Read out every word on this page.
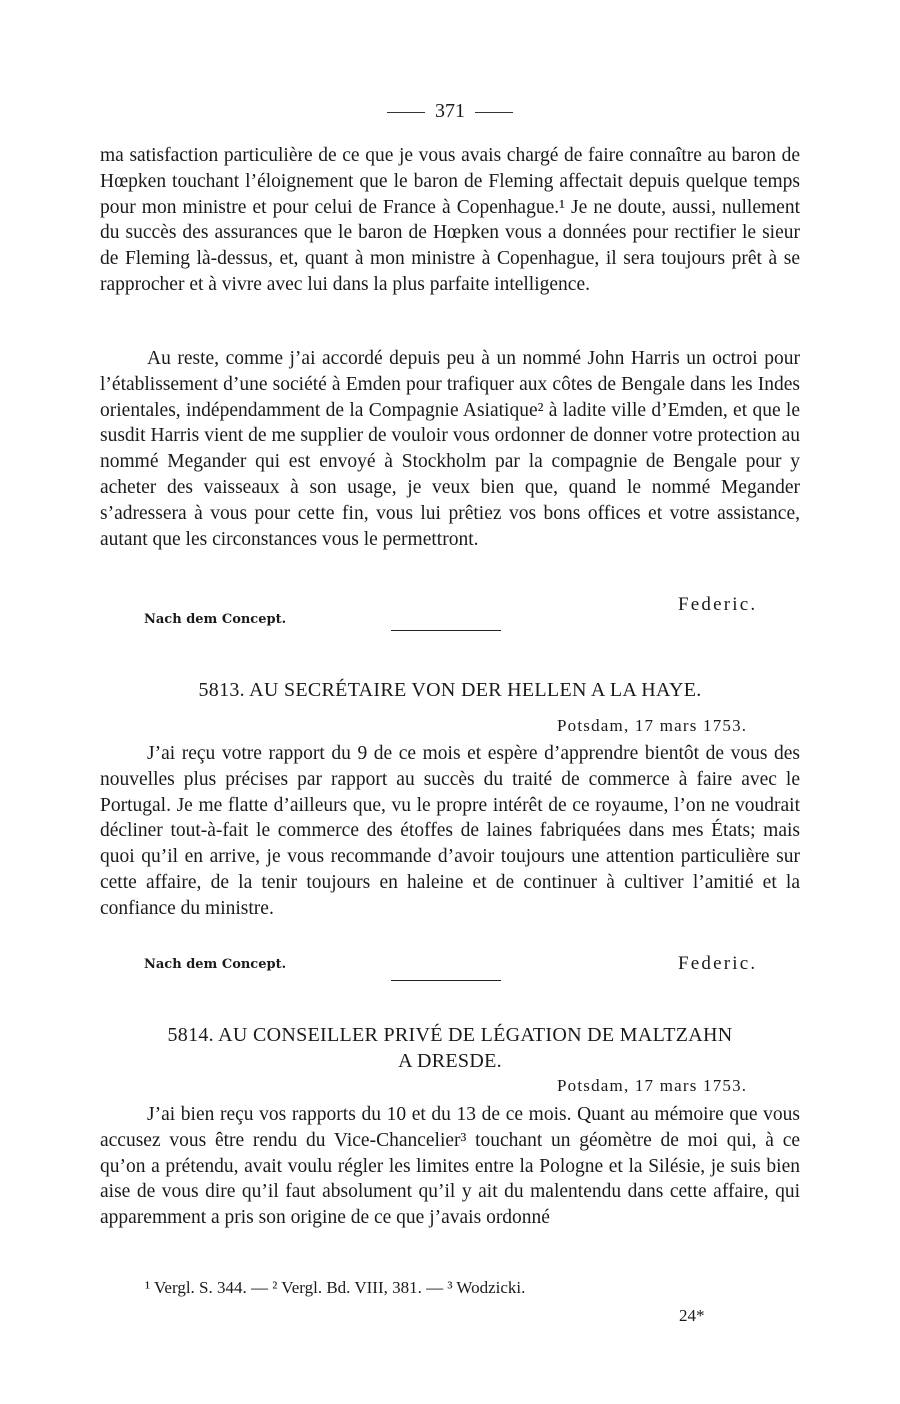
371

ma satisfaction particulière de ce que je vous avais chargé de faire connaître au baron de Hœpken touchant l’éloignement que le baron de Fleming affectait depuis quelque temps pour mon ministre et pour celui de France à Copenhague.¹ Je ne doute, aussi, nullement du succès des assurances que le baron de Hœpken vous a données pour rectifier le sieur de Fleming là-dessus, et, quant à mon ministre à Copenhague, il sera toujours prêt à se rapprocher et à vivre avec lui dans la plus parfaite intelligence.

Au reste, comme j’ai accordé depuis peu à un nommé John Harris un octroi pour l’établissement d’une société à Emden pour trafiquer aux côtes de Bengale dans les Indes orientales, indépendamment de la Compagnie Asiatique² à ladite ville d’Emden, et que le susdit Harris vient de me supplier de vouloir vous ordonner de donner votre protection au nommé Megander qui est envoyé à Stockholm par la compagnie de Bengale pour y acheter des vaisseaux à son usage, je veux bien que, quand le nommé Megander s’adressera à vous pour cette fin, vous lui prêtiez vos bons offices et votre assistance, autant que les circonstances vous le permettront.

Nach dem Concept.
Federic.
5813. AU SECRÉTAIRE VON DER HELLEN A LA HAYE.
Potsdam, 17 mars 1753.

J’ai reçu votre rapport du 9 de ce mois et espère d’apprendre bientôt de vous des nouvelles plus précises par rapport au succès du traité de commerce à faire avec le Portugal. Je me flatte d’ailleurs que, vu le propre intérêt de ce royaume, l’on ne voudrait décliner tout-à-fait le commerce des étoffes de laines fabriquées dans mes États; mais quoi qu’il en arrive, je vous recommande d’avoir toujours une attention particulière sur cette affaire, de la tenir toujours en haleine et de continuer à cultiver l’amitié et la confiance du ministre.

Nach dem Concept.	Federic.
5814. AU CONSEILLER PRIVÉ DE LÉGATION DE MALTZAHN
A DRESDE.
Potsdam, 17 mars 1753.

J’ai bien reçu vos rapports du 10 et du 13 de ce mois. Quant au mémoire que vous accusez vous être rendu du Vice-Chancelier³ touchant un géomètre de moi qui, à ce qu’on a prétendu, avait voulu régler les limites entre la Pologne et la Silésie, je suis bien aise de vous dire qu’il faut absolument qu’il y ait du malentendu dans cette affaire, qui apparemment a pris son origine de ce que j’avais ordonné

¹ Vergl. S. 344. — ² Vergl. Bd. VIII, 381. — ³ Wodzicki.
24*
